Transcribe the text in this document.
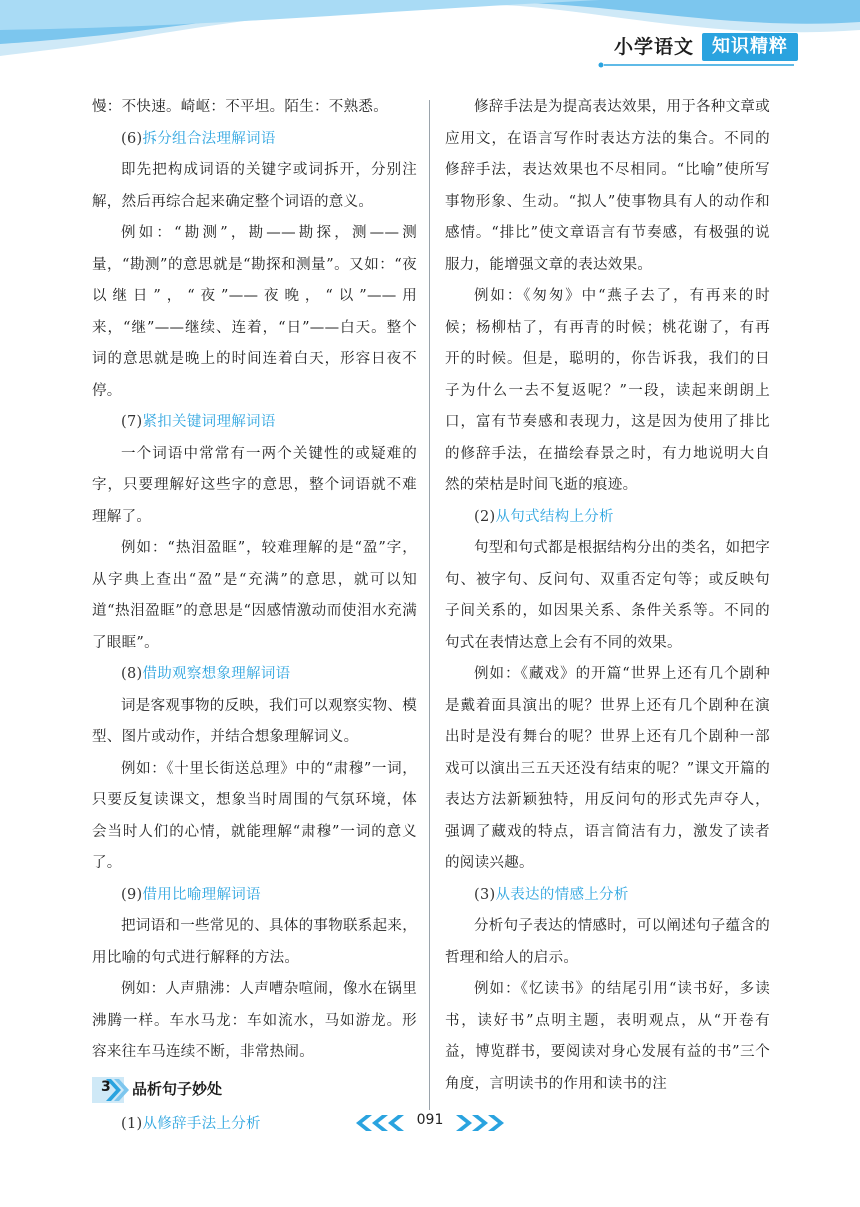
小学语文 知识精粹

慢：不快速。崎岖：不平坦。陌生：不熟悉。

(6)拆分组合法理解词语

即先把构成词语的关键字或词拆开，分别注解，然后再综合起来确定整个词语的意义。

例如：“勘测”，勘——勘探，测——测量，“勘测”的意思就是“勘探和测量”。又如：“夜以继日”，“夜”——夜晚，“以”——用来，“继”——继续、连着，“日”——白天。整个词的意思就是晚上的时间连着白天，形容日夜不停。

(7)紧扣关键词理解词语

一个词语中常常有一两个关键性的或疑难的字，只要理解好这些字的意思，整个词语就不难理解了。

例如：“热泪盈眶”，较难理解的是“盈”字，从字典上查出“盈”是“充满”的意思，就可以知道“热泪盈眶”的意思是“因感情激动而使泪水充满了眼眶”。

(8)借助观察想象理解词语

词是客观事物的反映，我们可以观察实物、模型、图片或动作，并结合想象理解词义。

例如：《十里长街送总理》中的“肃穆”一词，只要反复读课文，想象当时周围的气氛环境，体会当时人们的心情，就能理解“肃穆”一词的意义了。

(9)借用比喻理解词语

把词语和一些常见的、具体的事物联系起来，用比喻的句式进行解释的方法。

例如：人声鼎沸：人声嘈杂喧闹，像水在锅里沸腾一样。车水马龙：车如流水，马如游龙。形容来往车马连续不断，非常热闹。

3 品析句子妙处

(1)从修辞手法上分析

修辞手法是为提高表达效果，用于各种文章或应用文，在语言写作时表达方法的集合。不同的修辞手法，表达效果也不尽相同。“比喻”使所写事物形象、生动。“拟人”使事物具有人的动作和感情。“排比”使文章语言有节奏感，有极强的说服力，能增强文章的表达效果。

例如：《匆匆》中“燕子去了，有再来的时候；杨柳枯了，有再青的时候；桃花谢了，有再开的时候。但是，聪明的，你告诉我，我们的日子为什么一去不复返呢？”一段，读起来朗朗上口，富有节奏感和表现力，这是因为使用了排比的修辞手法，在描绘春景之时，有力地说明大自然的荣枯是时间飞逝的痕迹。

(2)从句式结构上分析

句型和句式都是根据结构分出的类名，如把字句、被字句、反问句、双重否定句等；或反映句子间关系的，如因果关系、条件关系等。不同的句式在表情达意上会有不同的效果。

例如：《藏戏》的开篇“世界上还有几个剧种是戴着面具演出的呢？世界上还有几个剧种在演出时是没有舞台的呢？世界上还有几个剧种一部戏可以演出三五天还没有结束的呢？”课文开篇的表达方法新颖独特，用反问句的形式先声夺人，强调了藏戏的特点，语言简洁有力，激发了读者的阅读兴趣。

(3)从表达的情感上分析

分析句子表达的情感时，可以阐述句子蕴含的哲理和给人的启示。

例如：《忆读书》的结尾引用“读书好，多读书，读好书”点明主题，表明观点，从“开卷有益，博览群书，要阅读对身心发展有益的书”三个角度，言明读书的作用和读书的注

091
